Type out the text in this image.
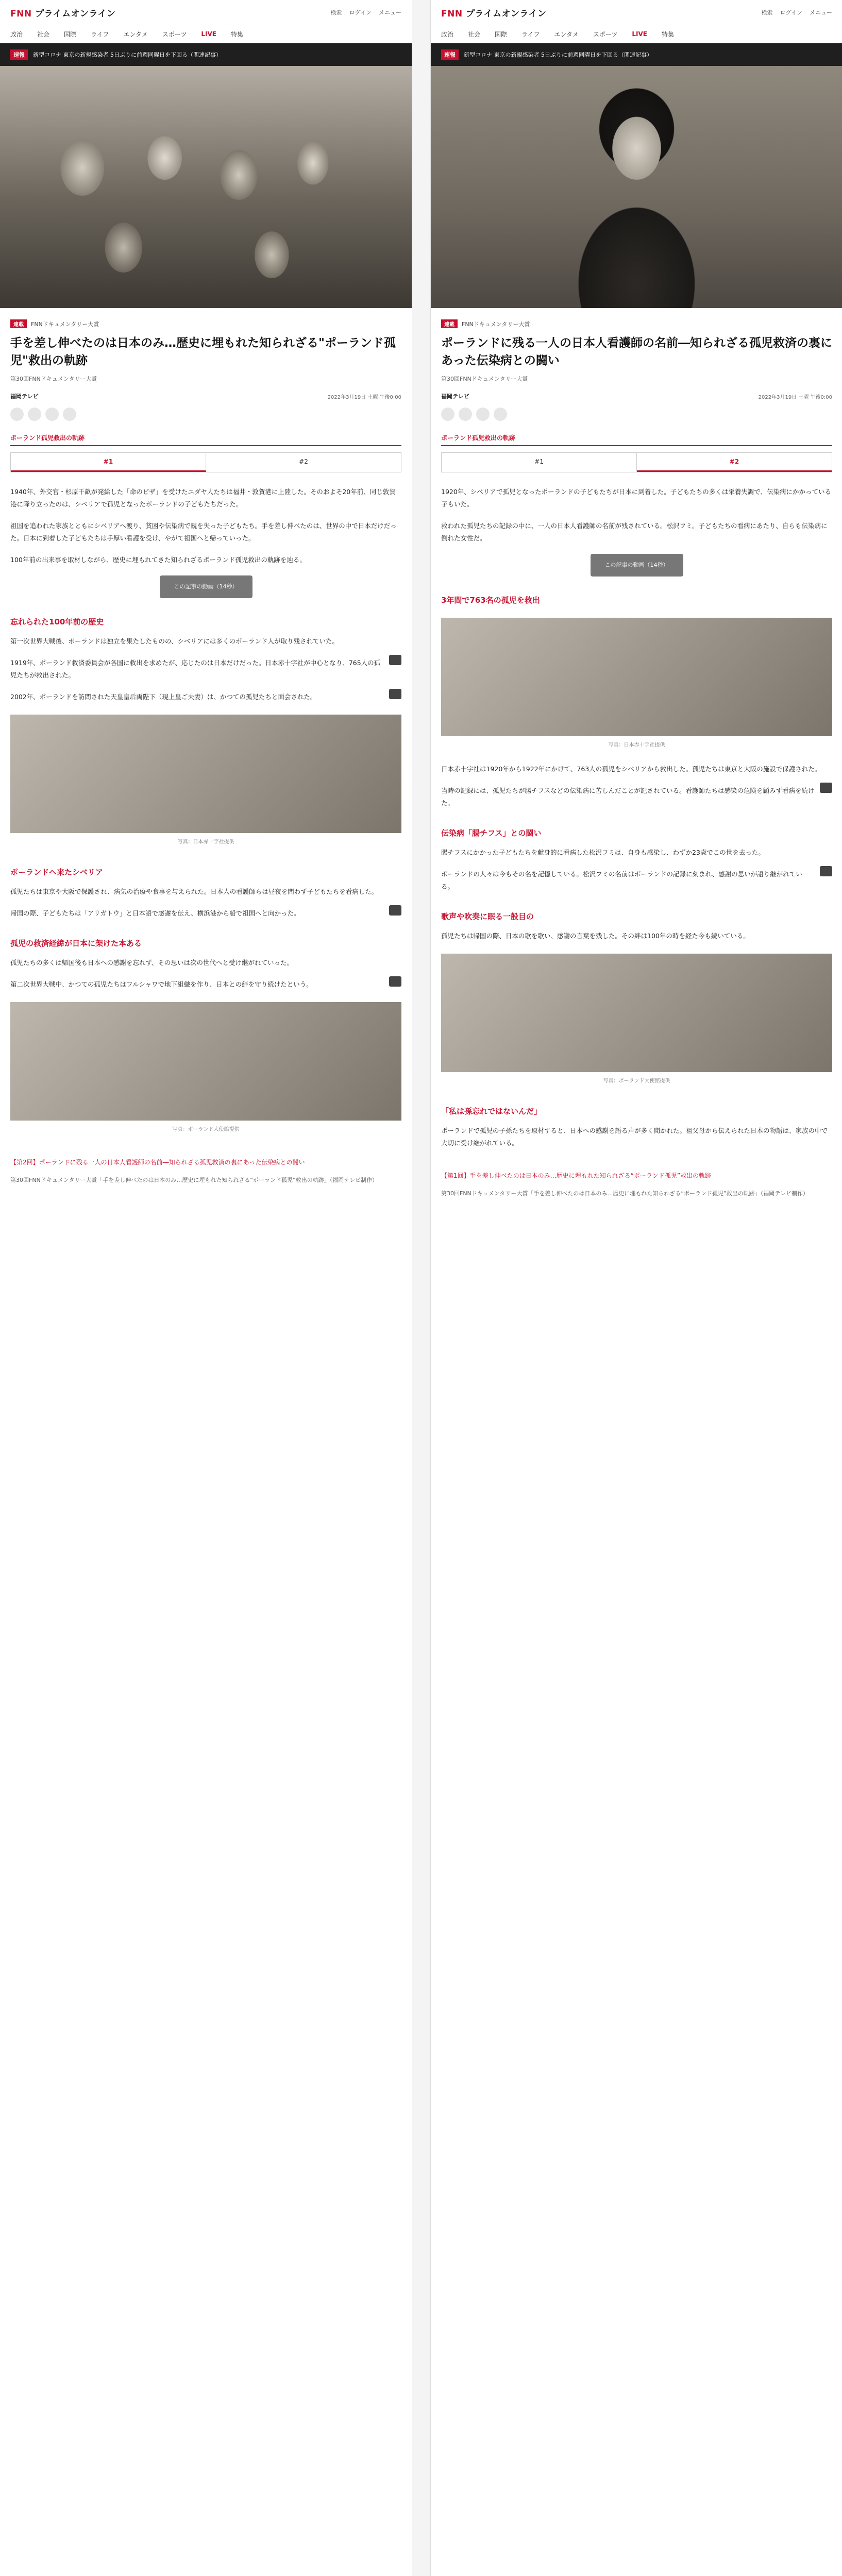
FNN プライムオンライン	検索 ログイン メニュー
政治 社会 国際 ライフ エンタメ スポーツ LIVE 特集
速報	新型コロナ 東京の新規感染者 5日ぶりに前週同曜日を下回る（関連記事）
連載	FNNドキュメンタリー大賞
手を差し伸べたのは日本のみ…歴史に埋もれた知られざる"ポーランド孤児"救出の軌跡
第30回FNNドキュメンタリー大賞
福岡テレビ	2022年3月19日 土曜 午後0:00
ポーランド孤児救出の軌跡
#1	#2

1940年、外交官・杉原千畝が発給した「命のビザ」を受けたユダヤ人たちは福井・敦賀港に上陸した。そのおよそ20年前、同じ敦賀港に降り立ったのは、シベリアで孤児となったポーランドの子どもたちだった。

祖国を追われた家族とともにシベリアへ渡り、貧困や伝染病で親を失った子どもたち。手を差し伸べたのは、世界の中で日本だけだった。日本に到着した子どもたちは手厚い看護を受け、やがて祖国へと帰っていった。

100年前の出来事を取材しながら、歴史に埋もれてきた知られざるポーランド孤児救出の軌跡を辿る。

この記事の動画（14秒）
忘れられた100年前の歴史

第一次世界大戦後、ポーランドは独立を果たしたものの、シベリアには多くのポーランド人が取り残されていた。

1919年、ポーランド救済委員会が各国に救出を求めたが、応じたのは日本だけだった。日本赤十字社が中心となり、765人の孤児たちが救出された。

2002年、ポーランドを訪問された天皇皇后両陛下（現上皇ご夫妻）は、かつての孤児たちと面会された。

写真：日本赤十字社提供
ポーランドへ来たシベリア

孤児たちは東京や大阪で保護され、病気の治療や食事を与えられた。日本人の看護師らは昼夜を問わず子どもたちを看病した。

帰国の際、子どもたちは「アリガトウ」と日本語で感謝を伝え、横浜港から船で祖国へと向かった。

孤児の救済経緯が日本に架けた本ある

孤児たちの多くは帰国後も日本への感謝を忘れず、その思いは次の世代へと受け継がれていった。

第二次世界大戦中、かつての孤児たちはワルシャワで地下組織を作り、日本との絆を守り続けたという。

写真：ポーランド大使館提供
【第2回】ポーランドに残る一人の日本人看護師の名前―知られざる孤児救済の裏にあった伝染病との闘い
第30回FNNドキュメンタリー大賞「手を差し伸べたのは日本のみ…歴史に埋もれた知られざる“ポーランド孤児”救出の軌跡」（福岡テレビ制作）
FNN プライムオンライン	検索 ログイン メニュー
政治 社会 国際 ライフ エンタメ スポーツ LIVE 特集
速報	新型コロナ 東京の新規感染者 5日ぶりに前週同曜日を下回る（関連記事）
連載	FNNドキュメンタリー大賞
ポーランドに残る一人の日本人看護師の名前―知られざる孤児救済の裏にあった伝染病との闘い
第30回FNNドキュメンタリー大賞
福岡テレビ	2022年3月19日 土曜 午後0:00
ポーランド孤児救出の軌跡
#1	#2

1920年、シベリアで孤児となったポーランドの子どもたちが日本に到着した。子どもたちの多くは栄養失調で、伝染病にかかっている子もいた。

救われた孤児たちの記録の中に、一人の日本人看護師の名前が残されている。松沢フミ。子どもたちの看病にあたり、自らも伝染病に倒れた女性だ。

この記事の動画（14秒）
3年間で763名の孤児を救出
写真：日本赤十字社提供

日本赤十字社は1920年から1922年にかけて、763人の孤児をシベリアから救出した。孤児たちは東京と大阪の施設で保護された。

当時の記録には、孤児たちが腸チフスなどの伝染病に苦しんだことが記されている。看護師たちは感染の危険を顧みず看病を続けた。

伝染病「腸チフス」との闘い

腸チフスにかかった子どもたちを献身的に看病した松沢フミは、自身も感染し、わずか23歳でこの世を去った。

ポーランドの人々は今もその名を記憶している。松沢フミの名前はポーランドの記録に刻まれ、感謝の思いが語り継がれている。

歌声や吹奏に眠る一般目の

孤児たちは帰国の際、日本の歌を歌い、感謝の言葉を残した。その絆は100年の時を経た今も続いている。

写真：ポーランド大使館提供
「私は孫忘れではないんだ」

ポーランドで孤児の子孫たちを取材すると、日本への感謝を語る声が多く聞かれた。祖父母から伝えられた日本の物語は、家族の中で大切に受け継がれている。

【第1回】手を差し伸べたのは日本のみ…歴史に埋もれた知られざる“ポーランド孤児”救出の軌跡
第30回FNNドキュメンタリー大賞「手を差し伸べたのは日本のみ…歴史に埋もれた知られざる“ポーランド孤児”救出の軌跡」（福岡テレビ制作）
